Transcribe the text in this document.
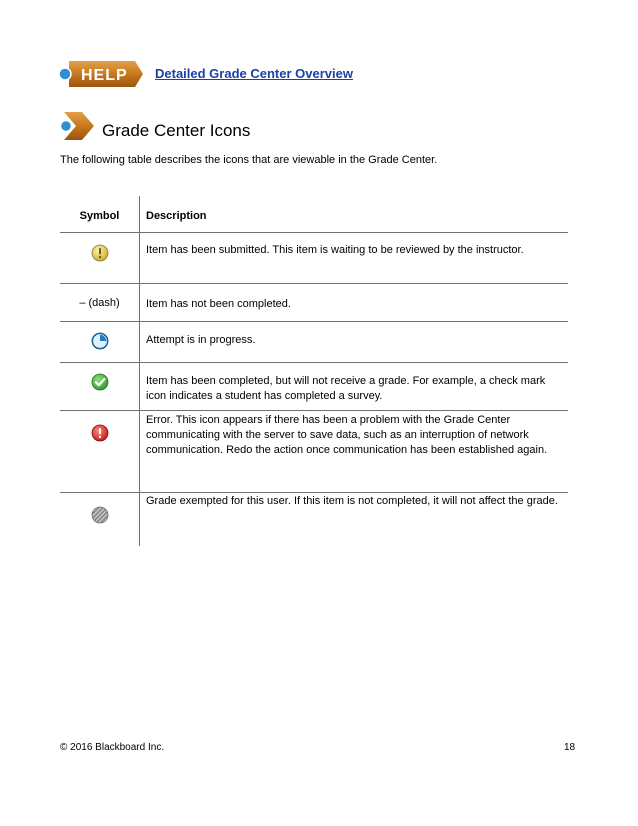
HELP Detailed Grade Center Overview
Grade Center Icons
The following table describes the icons that are viewable in the Grade Center.
Symbol	Description
Item has been submitted. This item is waiting to be reviewed by the instructor.
– (dash) Item has not been completed.
Attempt is in progress.
Item has been completed, but will not receive a grade. For example, a check mark icon indicates a student has completed a survey.
Error. This icon appears if there has been a problem with the Grade Center communicating with the server to save data, such as an interruption of network communication. Redo the action once communication has been established again.
Grade exempted for this user. If this item is not completed, it will not affect the grade.
© 2016 Blackboard Inc.	18
